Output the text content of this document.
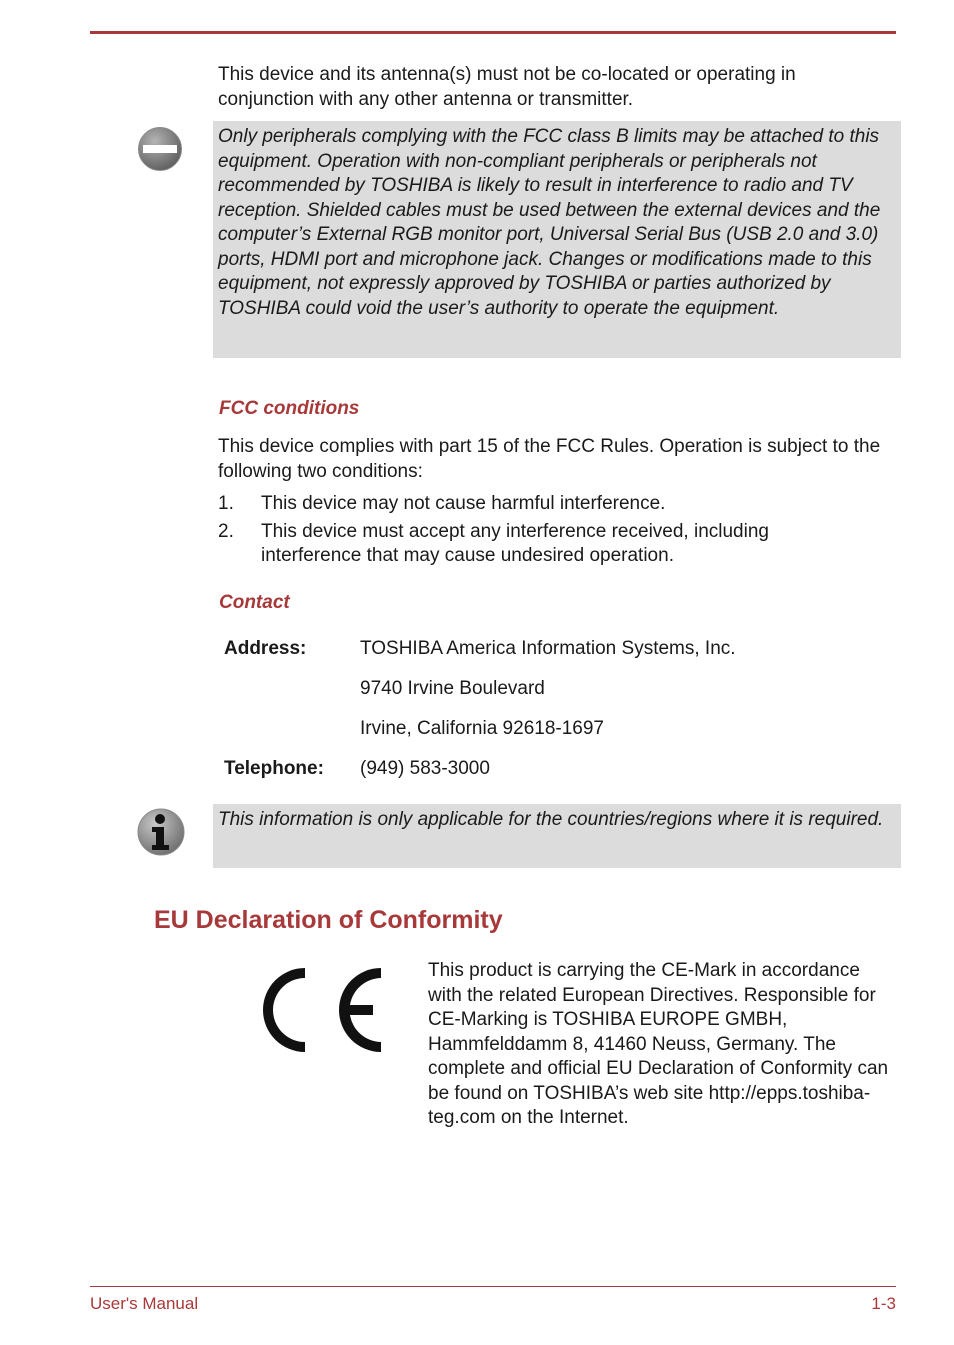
This device and its antenna(s) must not be co-located or operating in conjunction with any other antenna or transmitter.

Only peripherals complying with the FCC class B limits may be attached to this equipment. Operation with non-compliant peripherals or peripherals not recommended by TOSHIBA is likely to result in interference to radio and TV reception. Shielded cables must be used between the external devices and the computer’s External RGB monitor port, Universal Serial Bus (USB 2.0 and 3.0) ports, HDMI port and microphone jack. Changes or modifications made to this equipment, not expressly approved by TOSHIBA or parties authorized by TOSHIBA could void the user’s authority to operate the equipment.

FCC conditions

This device complies with part 15 of the FCC Rules. Operation is subject to the following two conditions:

1. This device may not cause harmful interference.
2. This device must accept any interference received, including interference that may cause undesired operation.
Contact
Address:	TOSHIBA America Information Systems, Inc.
	9740 Irvine Boulevard
	Irvine, California 92618-1697
Telephone:	(949) 583-3000

This information is only applicable for the countries/regions where it is required.

EU Declaration of Conformity

This product is carrying the CE-Mark in accordance with the related European Directives. Responsible for CE-Marking is TOSHIBA EUROPE GMBH, Hammfelddamm 8, 41460 Neuss, Germany. The complete and official EU Declaration of Conformity can be found on TOSHIBA’s web site http://epps.toshiba-teg.com on the Internet.

User's Manual	1-3
